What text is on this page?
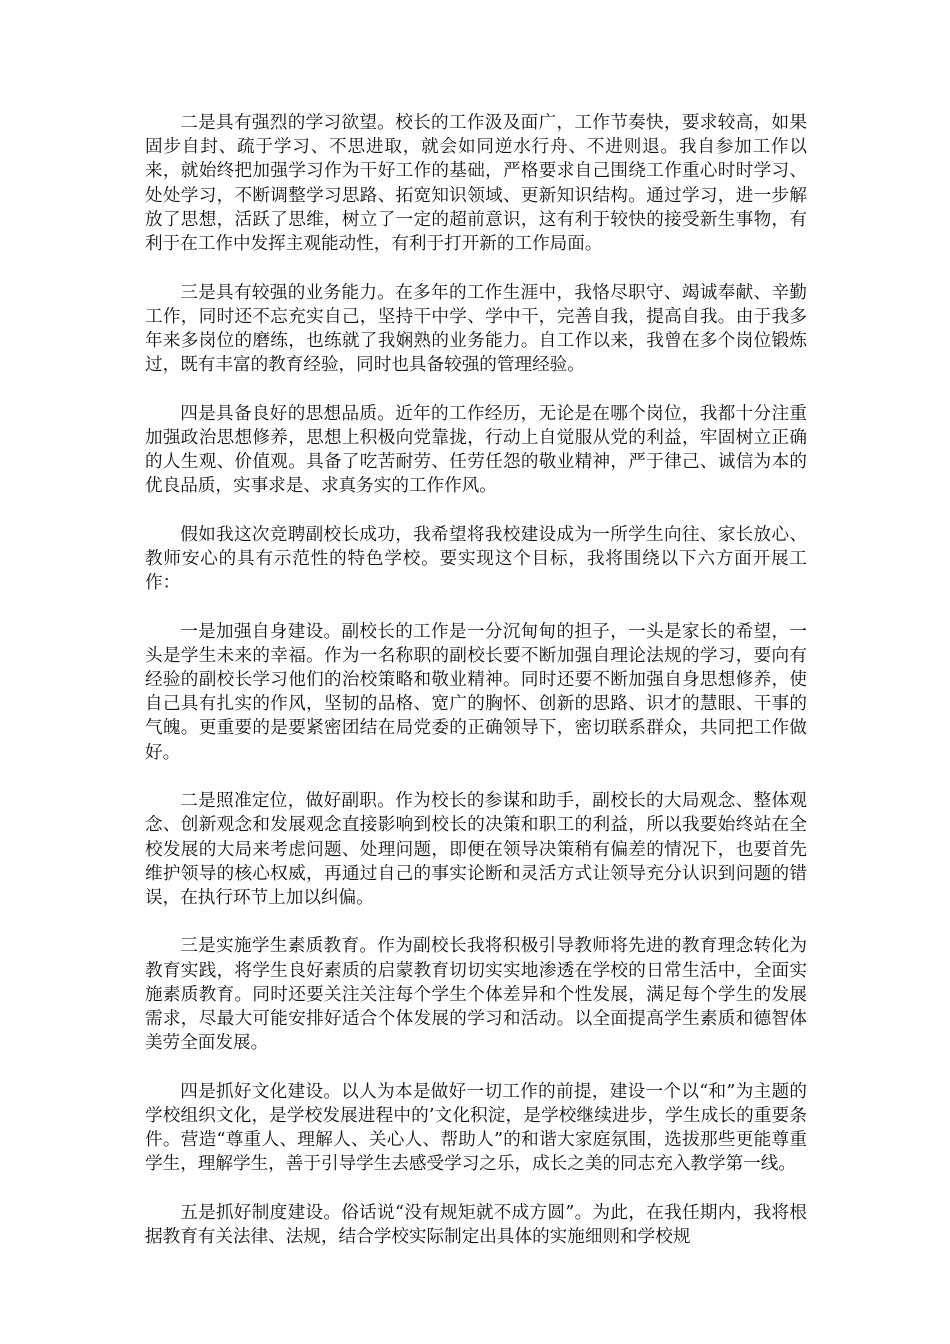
二是具有强烈的学习欲望。校长的工作汲及面广，工作节奏快，要求较高，如果固步自封、疏于学习、不思进取，就会如同逆水行舟、不进则退。我自参加工作以来，就始终把加强学习作为干好工作的基础，严格要求自己围绕工作重心时时学习、处处学习，不断调整学习思路、拓宽知识领域、更新知识结构。通过学习，进一步解放了思想，活跃了思维，树立了一定的超前意识，这有利于较快的接受新生事物，有利于在工作中发挥主观能动性，有利于打开新的工作局面。

三是具有较强的业务能力。在多年的工作生涯中，我恪尽职守、竭诚奉献、辛勤工作，同时还不忘充实自己，坚持干中学、学中干，完善自我，提高自我。由于我多年来多岗位的磨练，也练就了我娴熟的业务能力。自工作以来，我曾在多个岗位锻炼过，既有丰富的教育经验，同时也具备较强的管理经验。

四是具备良好的思想品质。近年的工作经历，无论是在哪个岗位，我都十分注重加强政治思想修养，思想上积极向党靠拢，行动上自觉服从党的利益，牢固树立正确的人生观、价值观。具备了吃苦耐劳、任劳任怨的敬业精神，严于律己、诚信为本的优良品质，实事求是、求真务实的工作作风。

假如我这次竞聘副校长成功，我希望将我校建设成为一所学生向往、家长放心、教师安心的具有示范性的特色学校。要实现这个目标，我将围绕以下六方面开展工作：

一是加强自身建设。副校长的工作是一分沉甸甸的担子，一头是家长的希望，一头是学生未来的幸福。作为一名称职的副校长要不断加强自理论法规的学习，要向有经验的副校长学习他们的治校策略和敬业精神。同时还要不断加强自身思想修养，使自己具有扎实的作风，坚韧的品格、宽广的胸怀、创新的思路、识才的慧眼、干事的气魄。更重要的是要紧密团结在局党委的正确领导下，密切联系群众，共同把工作做好。

二是照准定位，做好副职。作为校长的参谋和助手，副校长的大局观念、整体观念、创新观念和发展观念直接影响到校长的决策和职工的利益，所以我要始终站在全校发展的大局来考虑问题、处理问题，即便在领导决策稍有偏差的情况下，也要首先维护领导的核心权威，再通过自己的事实论断和灵活方式让领导充分认识到问题的错误，在执行环节上加以纠偏。

三是实施学生素质教育。作为副校长我将积极引导教师将先进的教育理念转化为教育实践，将学生良好素质的启蒙教育切切实实地渗透在学校的日常生活中，全面实施素质教育。同时还要关注关注每个学生个体差异和个性发展，满足每个学生的发展需求，尽最大可能安排好适合个体发展的学习和活动。以全面提高学生素质和德智体美劳全面发展。

四是抓好文化建设。以人为本是做好一切工作的前提，建设一个以“和”为主题的学校组织文化，是学校发展进程中的’文化积淀，是学校继续进步，学生成长的重要条件。营造“尊重人、理解人、关心人、帮助人”的和谐大家庭氛围，选拔那些更能尊重学生，理解学生，善于引导学生去感受学习之乐，成长之美的同志充入教学第一线。

五是抓好制度建设。俗话说“没有规矩就不成方圆”。为此，在我任期内，我将根据教育有关法律、法规，结合学校实际制定出具体的实施细则和学校规
